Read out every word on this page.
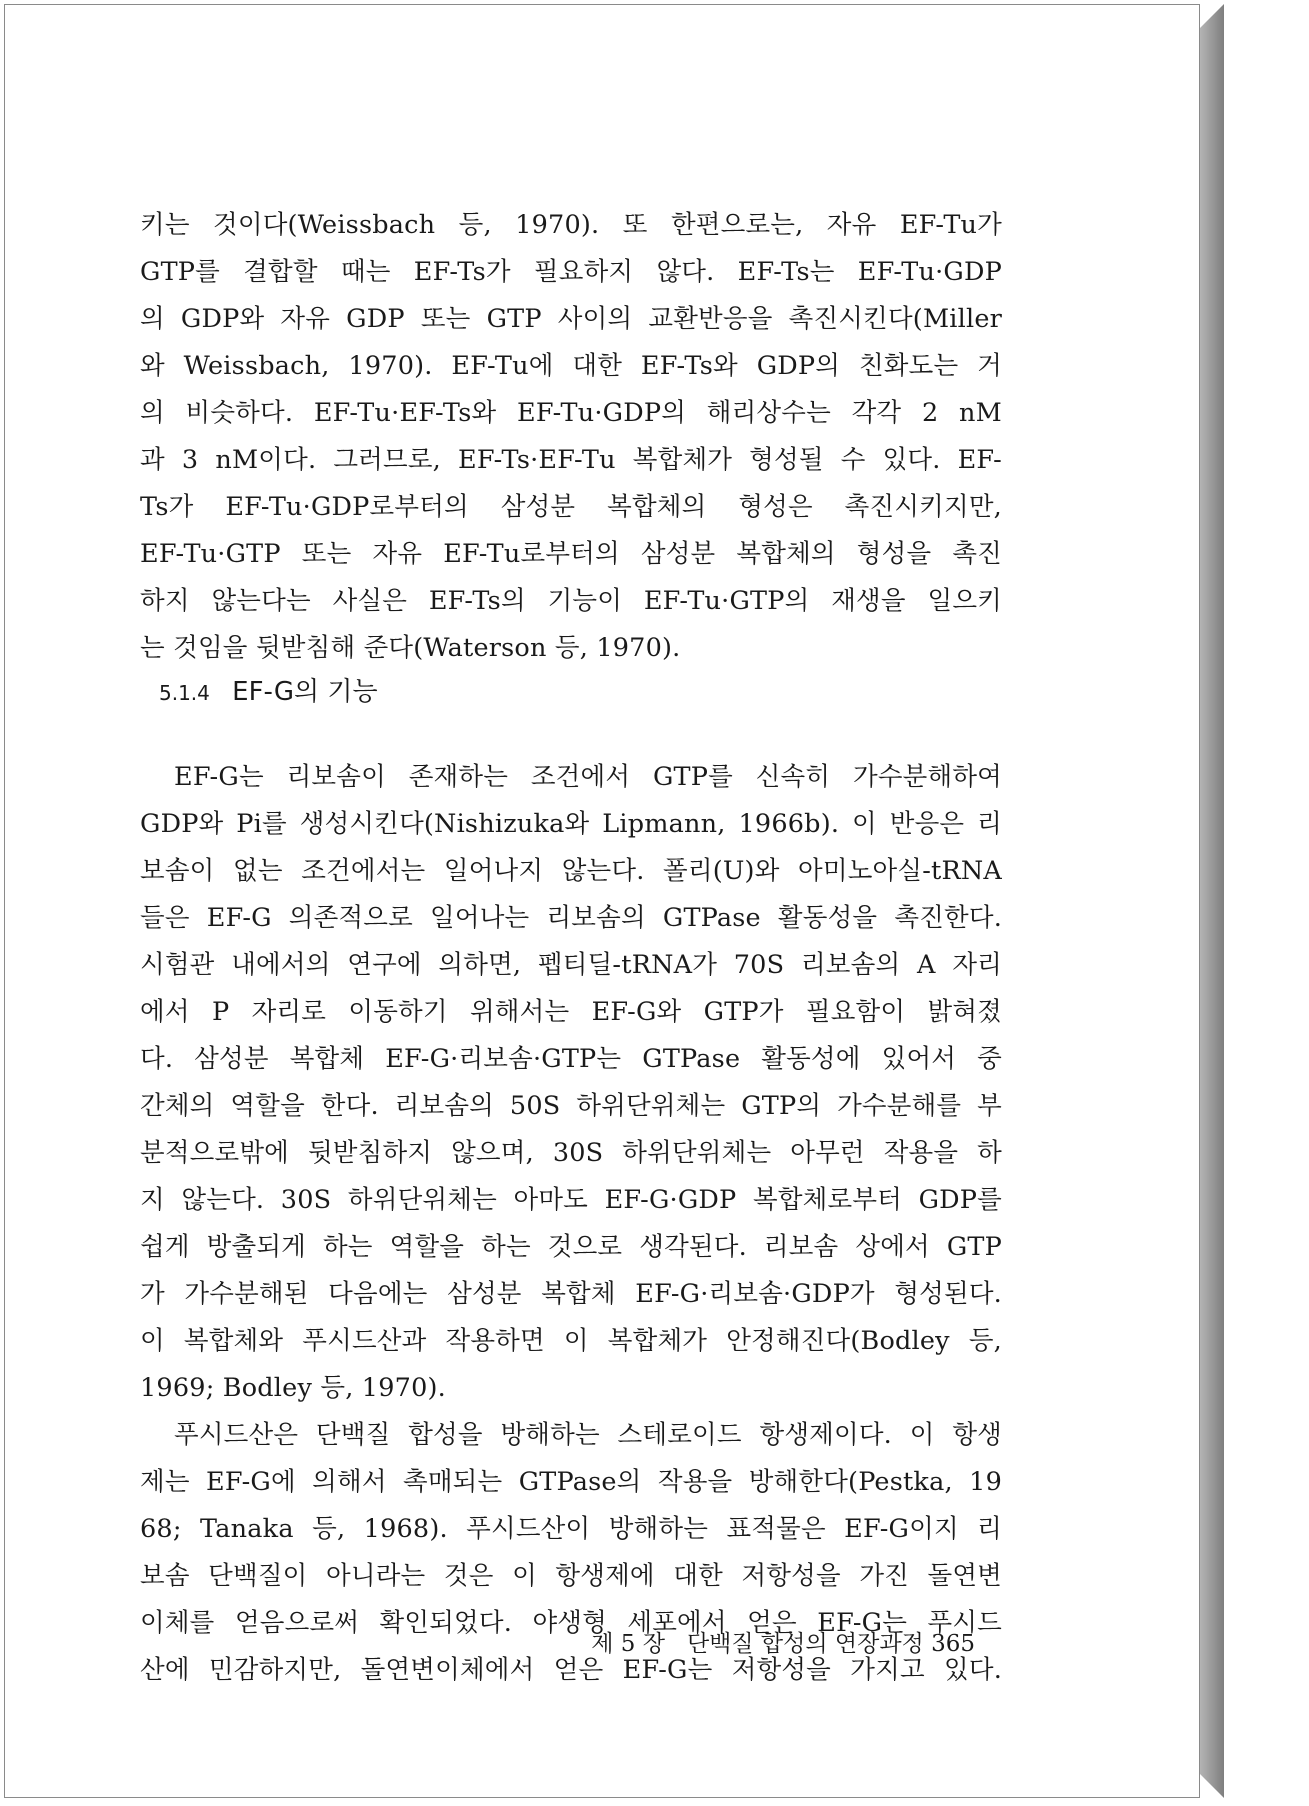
키는 것이다(Weissbach 등, 1970). 또 한편으로는, 자유 EF-Tu가
GTP를 결합할 때는 EF-Ts가 필요하지 않다. EF-Ts는 EF-Tu·GDP
의 GDP와 자유 GDP 또는 GTP 사이의 교환반응을 촉진시킨다(Miller
와 Weissbach, 1970). EF-Tu에 대한 EF-Ts와 GDP의 친화도는 거
의 비슷하다. EF-Tu·EF-Ts와 EF-Tu·GDP의 해리상수는 각각 2 nM
과 3 nM이다. 그러므로, EF-Ts·EF-Tu 복합체가 형성될 수 있다. EF-
Ts가 EF-Tu·GDP로부터의 삼성분 복합체의 형성은 촉진시키지만,
EF-Tu·GTP 또는 자유 EF-Tu로부터의 삼성분 복합체의 형성을 촉진
하지 않는다는 사실은 EF-Ts의 기능이 EF-Tu·GTP의 재생을 일으키
는 것임을 뒷받침해 준다(Waterson 등, 1970).
5.1.4 EF-G의 기능
EF-G는 리보솜이 존재하는 조건에서 GTP를 신속히 가수분해하여
GDP와 Pi를 생성시킨다(Nishizuka와 Lipmann, 1966b). 이 반응은 리
보솜이 없는 조건에서는 일어나지 않는다. 폴리(U)와 아미노아실-tRNA
들은 EF-G 의존적으로 일어나는 리보솜의 GTPase 활동성을 촉진한다.
시험관 내에서의 연구에 의하면, 펩티딜-tRNA가 70S 리보솜의 A 자리
에서 P 자리로 이동하기 위해서는 EF-G와 GTP가 필요함이 밝혀졌
다. 삼성분 복합체 EF-G·리보솜·GTP는 GTPase 활동성에 있어서 중
간체의 역할을 한다. 리보솜의 50S 하위단위체는 GTP의 가수분해를 부
분적으로밖에 뒷받침하지 않으며, 30S 하위단위체는 아무런 작용을 하
지 않는다. 30S 하위단위체는 아마도 EF-G·GDP 복합체로부터 GDP를
쉽게 방출되게 하는 역할을 하는 것으로 생각된다. 리보솜 상에서 GTP
가 가수분해된 다음에는 삼성분 복합체 EF-G·리보솜·GDP가 형성된다.
이 복합체와 푸시드산과 작용하면 이 복합체가 안정해진다(Bodley 등,
1969; Bodley 등, 1970).
푸시드산은 단백질 합성을 방해하는 스테로이드 항생제이다. 이 항생
제는 EF-G에 의해서 촉매되는 GTPase의 작용을 방해한다(Pestka, 19
68; Tanaka 등, 1968). 푸시드산이 방해하는 표적물은 EF-G이지 리
보솜 단백질이 아니라는 것은 이 항생제에 대한 저항성을 가진 돌연변
이체를 얻음으로써 확인되었다. 야생형 세포에서 얻은 EF-G는 푸시드
산에 민감하지만, 돌연변이체에서 얻은 EF-G는 저항성을 가지고 있다.
제 5 장 단백질 합성의 연장과정 365
